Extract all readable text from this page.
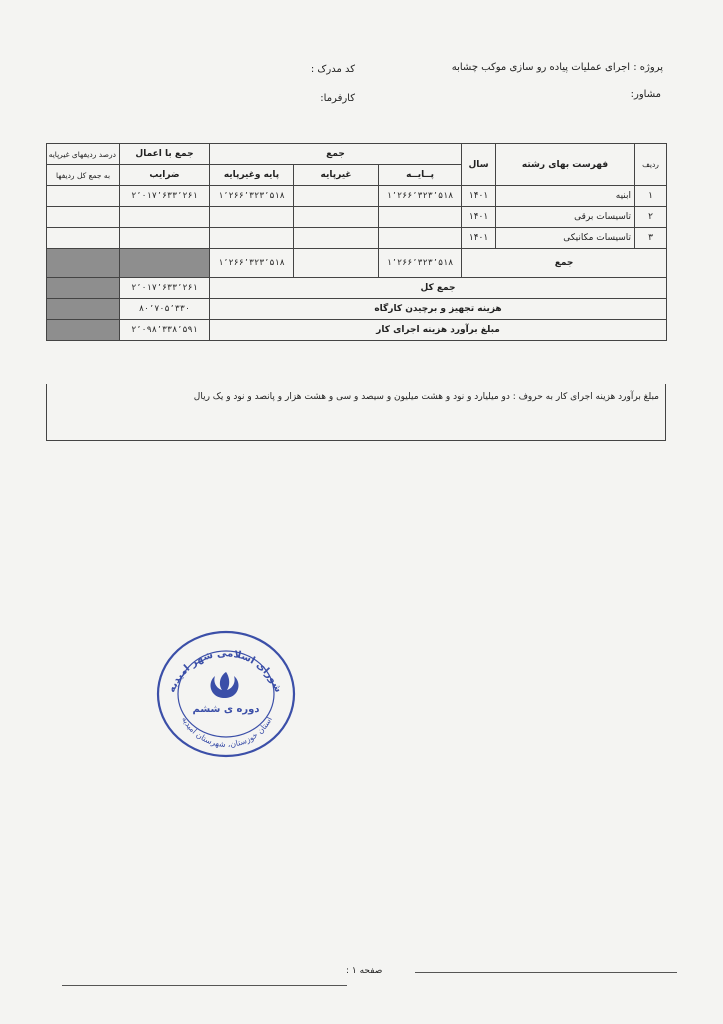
پروژه : اجرای عملیات پیاده رو سازی موکب چشابه
کد مدرک :
مشاور:
کارفرما:
ردیف	فهرست بهای رشته	سال	جمع			جمع با اعمال	درصد ردیفهای غیرپایه
			پــایــه	غیرپایه	پایه وغیرپایه	ضرایب	به جمع کل ردیفها
۱	ابنیه	۱۴۰۱	۱٬۲۶۶٬۳۲۳٬۵۱۸		۱٬۲۶۶٬۳۲۳٬۵۱۸	۲٬۰۱۷٬۶۳۳٬۲۶۱	
۲	تاسیسات برقی	۱۴۰۱					
۳	تاسیسات مکانیکی	۱۴۰۱					
جمع			۱٬۲۶۶٬۳۲۳٬۵۱۸		۱٬۲۶۶٬۳۲۳٬۵۱۸		
جمع کل						۲٬۰۱۷٬۶۳۳٬۲۶۱	
هزینه تجهیز و برچیدن کارگاه						۸۰٬۷۰۵٬۳۳۰	
مبلغ برآورد هزینه اجرای کار						۲٬۰۹۸٬۳۳۸٬۵۹۱	
مبلغ برآورد هزینه اجرای کار به حروف : دو میلیارد و نود و هشت میلیون و سیصد و سی و هشت هزار و پانصد و نود و یک ریال
شورای اسلامی شهر امیدیه
استان خوزستان، شهرستان امیدیه
دوره ی ششم
صفحه ۱ :
